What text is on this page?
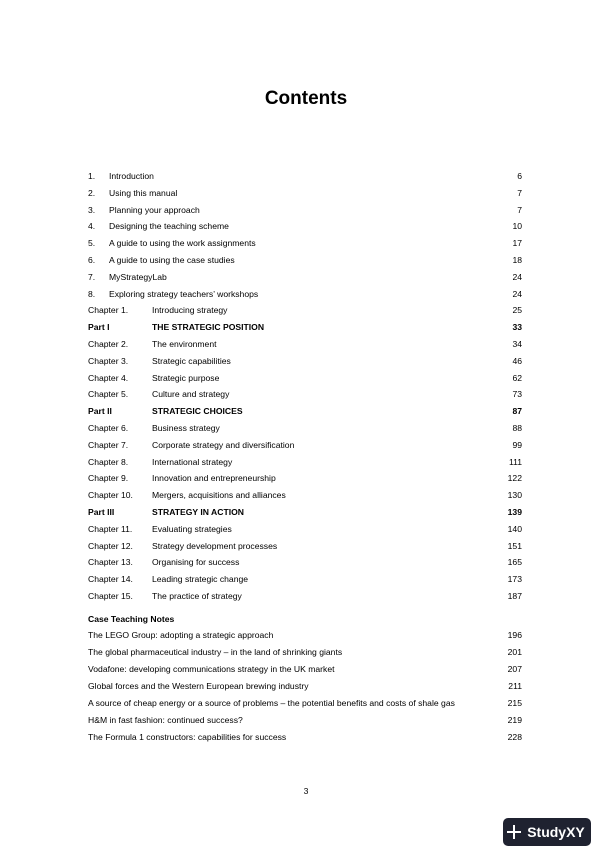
Contents
1. Introduction	6
2. Using this manual	7
3. Planning your approach	7
4. Designing the teaching scheme	10
5. A guide to using the work assignments	17
6. A guide to using the case studies	18
7. MyStrategyLab	24
8. Exploring strategy teachers’ workshops	24
Chapter 1.	Introducing strategy	25
Part I	THE STRATEGIC POSITION	33
Chapter 2.	The environment	34
Chapter 3.	Strategic capabilities	46
Chapter 4.	Strategic purpose	62
Chapter 5.	Culture and strategy	73
Part II	STRATEGIC CHOICES	87
Chapter 6.	Business strategy	88
Chapter 7.	Corporate strategy and diversification	99
Chapter 8.	International strategy	111
Chapter 9.	Innovation and entrepreneurship	122
Chapter 10. Mergers, acquisitions and alliances	130
Part III	STRATEGY IN ACTION	139
Chapter 11. Evaluating strategies	140
Chapter 12. Strategy development processes	151
Chapter 13. Organising for success	165
Chapter 14. Leading strategic change	173
Chapter 15. The practice of strategy	187
Case Teaching Notes
The LEGO Group: adopting a strategic approach	196
The global pharmaceutical industry – in the land of shrinking giants	201
Vodafone: developing communications strategy in the UK market	207
Global forces and the Western European brewing industry	211
A source of cheap energy or a source of problems – the potential benefits and costs of shale gas	215
H&M in fast fashion: continued success?	219
The Formula 1 constructors: capabilities for success	228
3
StudyXY
